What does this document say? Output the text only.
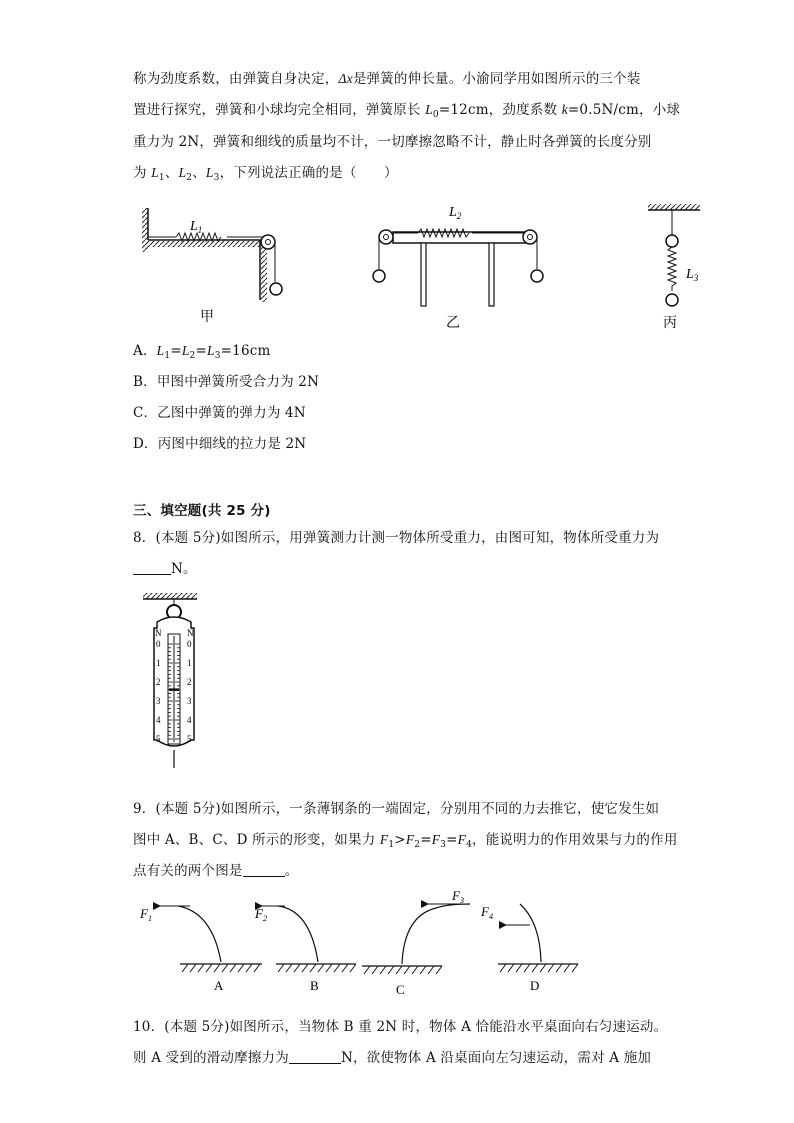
称为劲度系数，由弹簧自身决定，Δx是弹簧的伸长量。小渝同学用如图所示的三个装
置进行探究，弹簧和小球均完全相同，弹簧原长 $L_0=12cm$，劲度系数 k=0.5N/cm，小球
重力为 2N，弹簧和细线的质量均不计，一切摩擦忽略不计，静止时各弹簧的长度分别
为 $L_1$、$L_2$、$L_3$，下列说法正确的是（　　）
$L_1$
甲
$L_2$
乙
$L_3$
丙
A．$L_1=L_2=L_3=16cm$
B．甲图中弹簧所受合力为 2N
C．乙图中弹簧的弹力为 4N
D．丙图中细线的拉力是 2N
三、填空题(共 25 分)
8．(本题 5分)如图所示，用弹簧测力计测一物体所受重力，由图可知，物体所受重力为
N。
0	0
1	1
2	2
3	3
4	4
5	5
N	N
9．(本题 5分)如图所示，一条薄钢条的一端固定，分别用不同的力去推它，使它发生如
图中 A、B、C、D 所示的形变，如果力 $F_1>F_2=F_3=F_4$，能说明力的作用效果与力的作用
点有关的两个图是	。
$F_1$
A
$F_2$
B
$F_3$
C
$F_4$
D
10．(本题 5分)如图所示，当物体 B 重 2N 时，物体 A 恰能沿水平桌面向右匀速运动。
则 A 受到的滑动摩擦力为	N，欲使物体 A 沿桌面向左匀速运动，需对 A 施加
